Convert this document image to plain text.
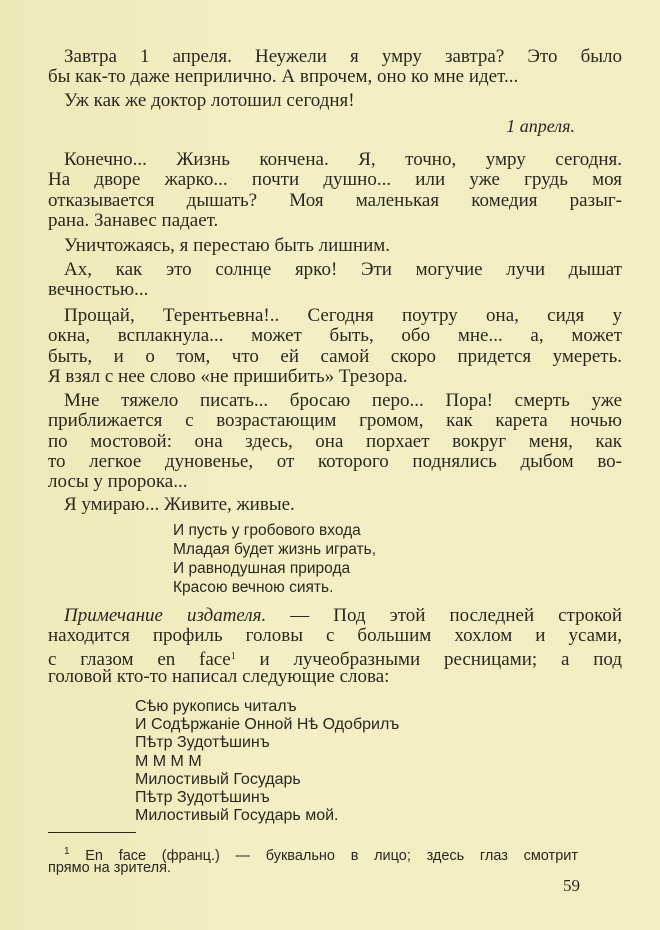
Завтра 1 апреля. Неужели я умру завтра? Это было
бы как-то даже неприлично. А впрочем, оно ко мне идет...
Уж как же доктор лотошил сегодня!
Конечно... Жизнь кончена. Я, точно, умру сегодня.
На дворе жарко... почти душно... или уже грудь моя
отказывается дышать? Моя маленькая комедия разыг-
рана. Занавес падает.
Уничтожаясь, я перестаю быть лишним.
Ах, как это солнце ярко! Эти могучие лучи дышат
вечностью...
Прощай, Терентьевна!.. Сегодня поутру она, сидя у
окна, всплакнула... может быть, обо мне... а, может
быть, и о том, что ей самой скоро придется умереть.
Я взял с нее слово «не пришибить» Трезора.
Мне тяжело писать... бросаю перо... Пора! смерть уже
приближается с возрастающим громом, как карета ночью
по мостовой: она здесь, она порхает вокруг меня, как
то легкое дуновенье, от которого поднялись дыбом во-
лосы у пророка...
Я умираю... Живите, живые.
1 апреля.
И пусть у гробового входа
Младая будет жизнь играть,
И равнодушная природа
Красою вечною сиять.
Примечание издателя. — Под этой последней строкой
находится профиль головы с большим хохлом и усами,
с глазом en face$^1$ и лучеобразными ресницами; а под
головой кто-то написал следующие слова:
Сѣю рукопись читалъ
И Содѣржаніе Онной Нѣ Одобрилъ
Пѣтр Зудотѣшинъ
М М М М
Милостивый Государь
Пѣтр Зудотѣшинъ
Милостивый Государь мой.
$^1$ En face (франц.) — буквально в лицо; здесь глаз смотрит
прямо на зрителя.
59
